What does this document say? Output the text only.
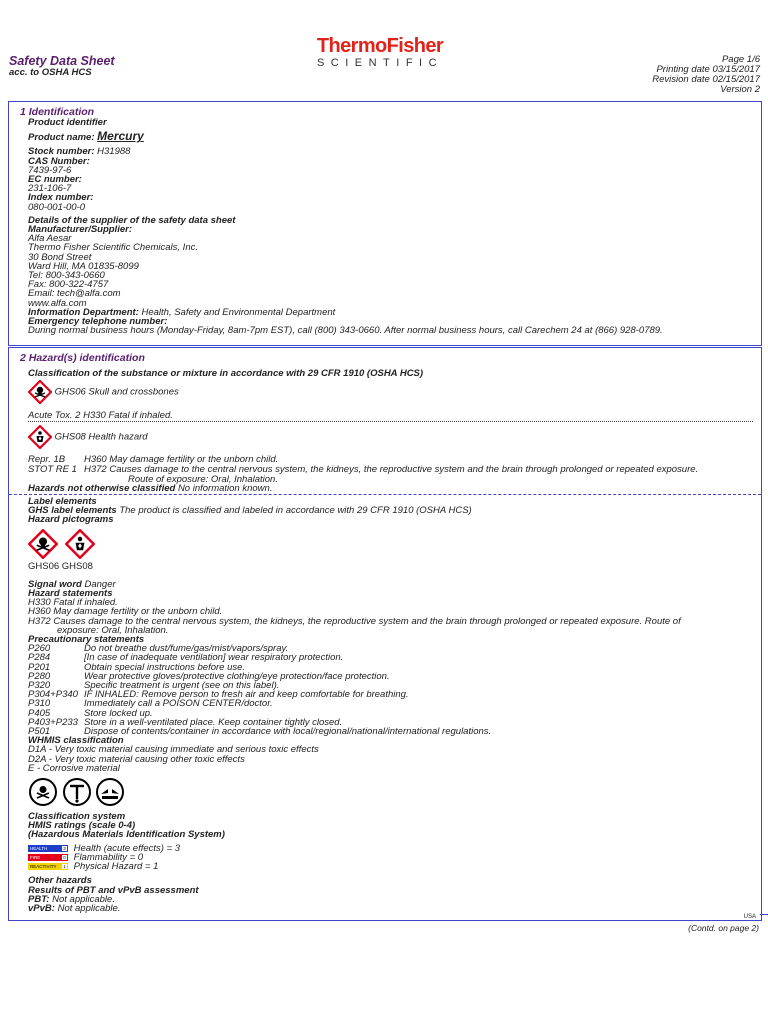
Safety Data Sheet
acc. to OSHA HCS
ThermoFisher
SCIENTIFIC	Page 1/6
Printing date 03/15/2017
Revision date 02/15/2017
Version 2
1 Identification
Product identifier
Product name: Mercury
Stock number: H31988
CAS Number:
7439-97-6
EC number:
231-106-7
Index number:
080-001-00-0
Details of the supplier of the safety data sheet
Manufacturer/Supplier:
Alfa Aesar
Thermo Fisher Scientific Chemicals, Inc.
30 Bond Street
Ward Hill, MA 01835-8099
Tel: 800-343-0660
Fax: 800-322-4757
Email: tech@alfa.com
www.alfa.com
Information Department: Health, Safety and Environmental Department
Emergency telephone number:
During normal business hours (Monday-Friday, 8am-7pm EST), call (800) 343-0660. After normal business hours, call Carechem 24 at (866) 928-0789.
2 Hazard(s) identification
Classification of the substance or mixture in accordance with 29 CFR 1910 (OSHA HCS)
GHS06 Skull and crossbones
Acute Tox. 2 H330 Fatal if inhaled.
GHS08 Health hazard
Repr. 1B H360 May damage fertility or the unborn child.
STOT RE 1 H372 Causes damage to the central nervous system, the kidneys, the reproductive system and the brain through prolonged or repeated exposure.
Route of exposure: Oral, Inhalation.
Hazards not otherwise classified No information known.
Label elements
GHS label elements The product is classified and labeled in accordance with 29 CFR 1910 (OSHA HCS)
Hazard pictograms

GHS06 GHS08
Signal word Danger
Hazard statements
H330 Fatal if inhaled.
H360 May damage fertility or the unborn child.
H372 Causes damage to the central nervous system, the kidneys, the reproductive system and the brain through prolonged or repeated exposure. Route of
exposure: Oral, Inhalation.
Precautionary statements
P260	Do not breathe dust/fume/gas/mist/vapors/spray.
P284	[In case of inadequate ventilation] wear respiratory protection.
P201	Obtain special instructions before use.
P280	Wear protective gloves/protective clothing/eye protection/face protection.
P320	Specific treatment is urgent (see on this label).
P304+P340 IF INHALED: Remove person to fresh air and keep comfortable for breathing.
P310	Immediately call a POISON CENTER/doctor.
P405	Store locked up.
P403+P233 Store in a well-ventilated place. Keep container tightly closed.
P501	Dispose of contents/container in accordance with local/regional/national/international regulations.
WHMIS classification
D1A - Very toxic material causing immediate and serious toxic effects
D2A - Very toxic material causing other toxic effects
E - Corrosive material

Classification system
HMIS ratings (scale 0-4)
(Hazardous Materials Identification System)
HEALTH	3 Health (acute effects) = 3
FIRE	0 Flammability = 0
REACTIVITY 1 Physical Hazard = 1
Other hazards
Results of PBT and vPvB assessment
PBT: Not applicable.
vPvB: Not applicable.
USA
(Contd. on page 2)
